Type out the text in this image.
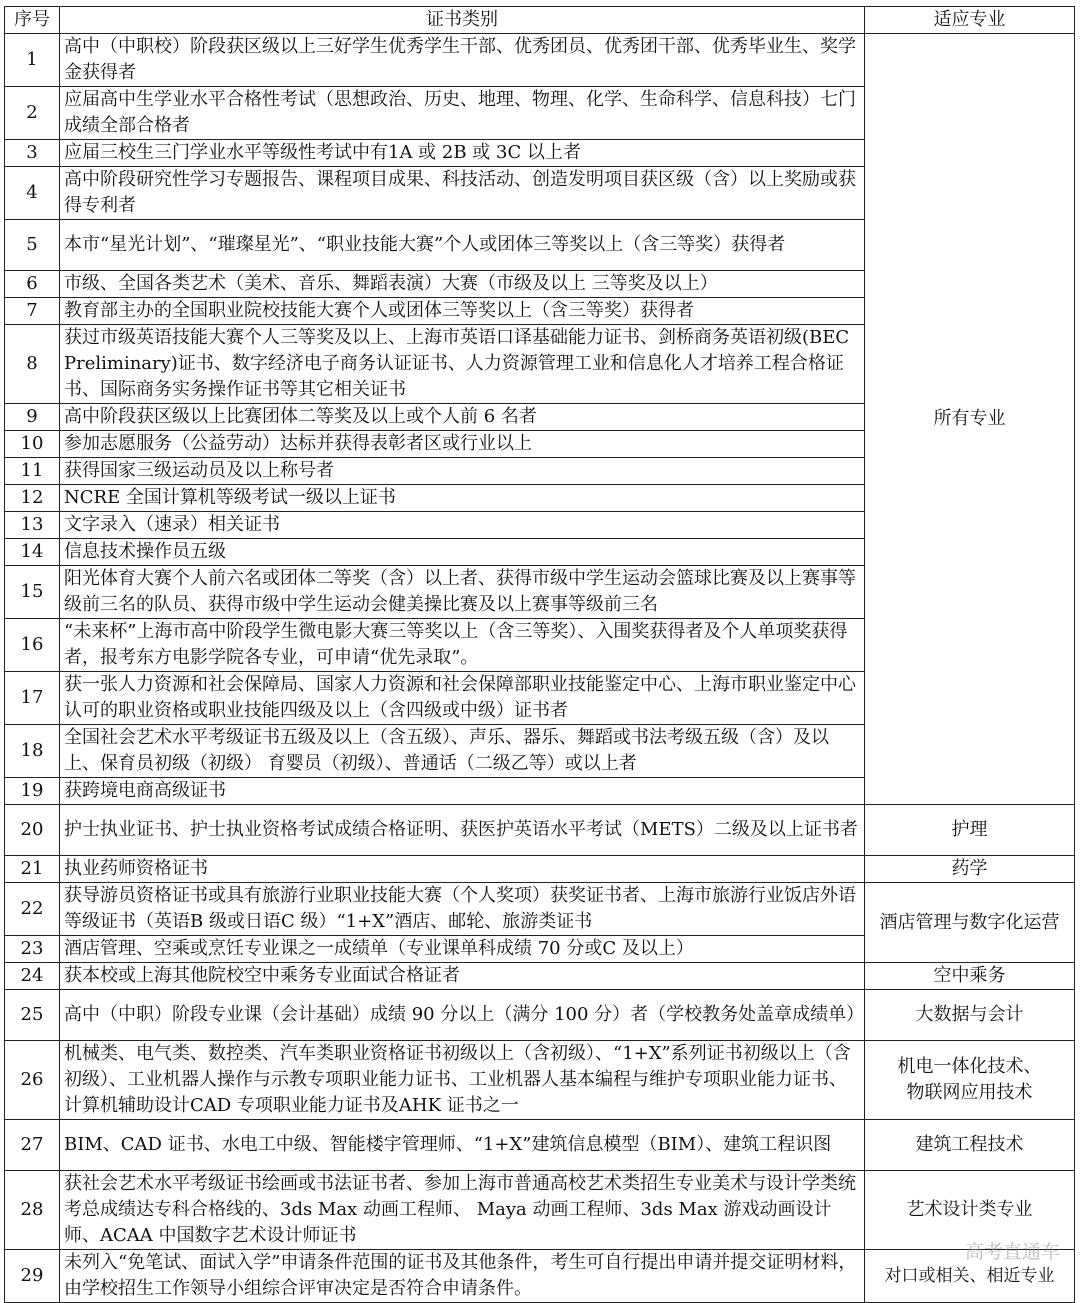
序号	证书类别	适应专业
1	高中（中职校）阶段获区级以上三好学生优秀学生干部、优秀团员、优秀团干部、优秀毕业生、奖学金获得者	所有专业
2	应届高中生学业水平合格性考试（思想政治、历史、地理、物理、化学、生命科学、信息科技）七门成绩全部合格者	
3	应届三校生三门学业水平等级性考试中有1A 或 2B 或 3C 以上者	
4	高中阶段研究性学习专题报告、课程项目成果、科技活动、创造发明项目获区级（含）以上奖励或获得专利者	
5	本市“星光计划”、“璀璨星光”、“职业技能大赛”个人或团体三等奖以上（含三等奖）获得者	
6	市级、全国各类艺术（美术、音乐、舞蹈表演）大赛（市级及以上 三等奖及以上）	
7	教育部主办的全国职业院校技能大赛个人或团体三等奖以上（含三等奖）获得者	
8	获过市级英语技能大赛个人三等奖及以上、上海市英语口译基础能力证书、剑桥商务英语初级(BEC Preliminary)证书、数字经济电子商务认证证书、人力资源管理工业和信息化人才培养工程合格证书、国际商务实务操作证书等其它相关证书	
9	高中阶段获区级以上比赛团体二等奖及以上或个人前 6 名者	
10	参加志愿服务（公益劳动）达标并获得表彰者区或行业以上	
11	获得国家三级运动员及以上称号者	
12	NCRE 全国计算机等级考试一级以上证书	
13	文字录入（速录）相关证书	
14	信息技术操作员五级	
15	阳光体育大赛个人前六名或团体二等奖（含）以上者、获得市级中学生运动会篮球比赛及以上赛事等级前三名的队员、获得市级中学生运动会健美操比赛及以上赛事等级前三名	
16	“未来杯”上海市高中阶段学生微电影大赛三等奖以上（含三等奖）、入围奖获得者及个人单项奖获得者，报考东方电影学院各专业，可申请“优先录取”。	
17	获一张人力资源和社会保障局、国家人力资源和社会保障部职业技能鉴定中心、上海市职业鉴定中心认可的职业资格或职业技能四级及以上（含四级或中级）证书者	
18	全国社会艺术水平考级证书五级及以上（含五级）、声乐、器乐、舞蹈或书法考级五级（含）及以上、保育员初级（初级） 育婴员（初级）、普通话（二级乙等）或以上者	
19	获跨境电商高级证书	
20	护士执业证书、护士执业资格考试成绩合格证明、获医护英语水平考试（METS）二级及以上证书者	护理
21	执业药师资格证书	药学
22	获导游员资格证书或具有旅游行业职业技能大赛（个人奖项）获奖证书者、上海市旅游行业饭店外语等级证书（英语B 级或日语C 级）“1+X”酒店、邮轮、旅游类证书	酒店管理与数字化运营
23	酒店管理、空乘或烹饪专业课之一成绩单（专业课单科成绩 70 分或C 及以上）	
24	获本校或上海其他院校空中乘务专业面试合格证者	空中乘务
25	高中（中职）阶段专业课（会计基础）成绩 90 分以上（满分 100 分）者（学校教务处盖章成绩单）	大数据与会计
26	机械类、电气类、数控类、汽车类职业资格证书初级以上（含初级）、“1+X”系列证书初级以上（含初级）、工业机器人操作与示教专项职业能力证书、工业机器人基本编程与维护专项职业能力证书、计算机辅助设计CAD 专项职业能力证书及AHK 证书之一	机电一体化技术、
物联网应用技术
27	BIM、CAD 证书、水电工中级、智能楼宇管理师、“1+X”建筑信息模型（BIM）、建筑工程识图	建筑工程技术
28	获社会艺术水平考级证书绘画或书法证书者、参加上海市普通高校艺术类招生专业美术与设计学类统考总成绩达专科合格线的、3ds Max 动画工程师、 Maya 动画工程师、3ds Max 游戏动画设计师、ACAA 中国数字艺术设计师证书	艺术设计类专业
29	未列入“免笔试、面试入学”申请条件范围的证书及其他条件，考生可自行提出申请并提交证明材料，由学校招生工作领导小组综合评审决定是否符合申请条件。	对口或相关、相近专业
高考直通车
